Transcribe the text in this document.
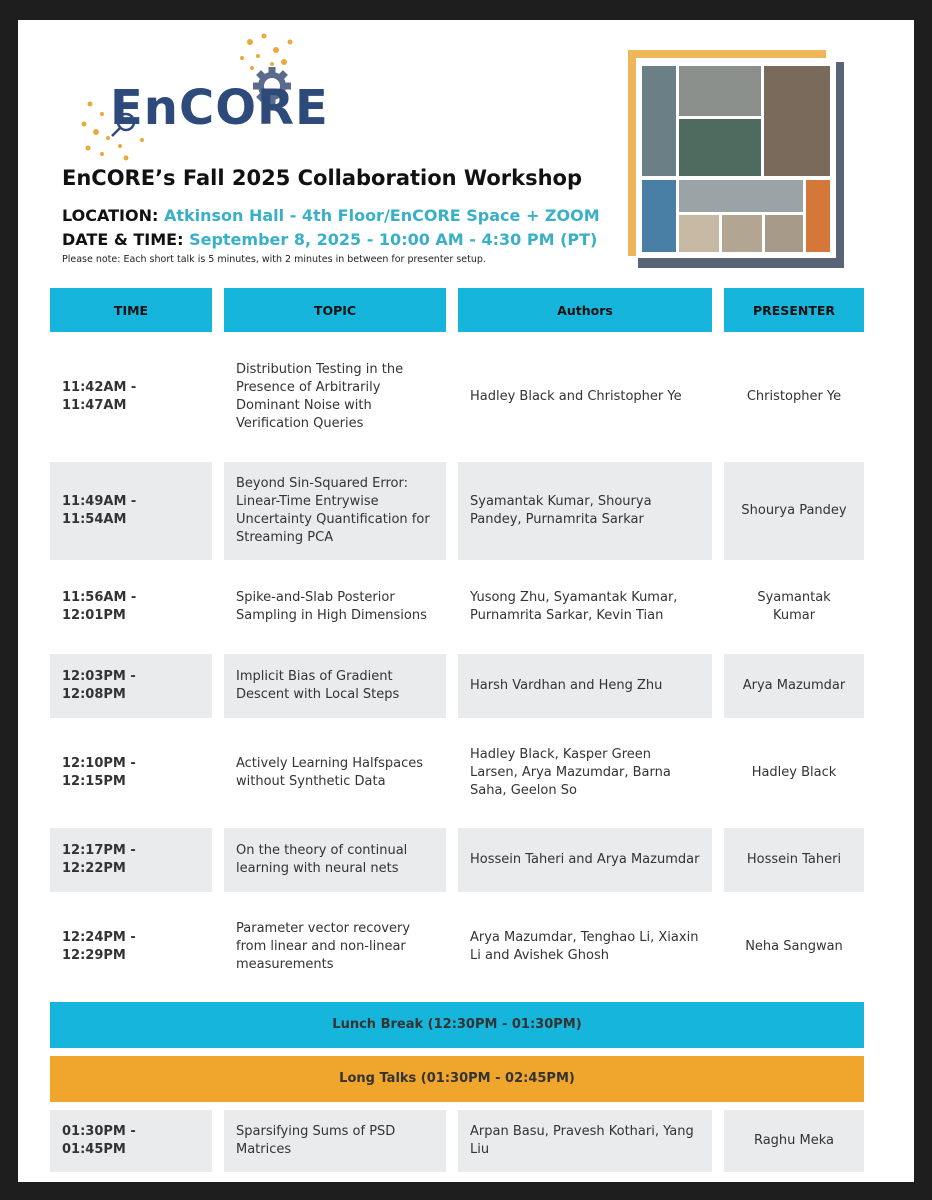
EnCORE
EnCORE’s Fall 2025 Collaboration Workshop
LOCATION: Atkinson Hall - 4th Floor/EnCORE Space + ZOOM
DATE & TIME: September 8, 2025 - 10:00 AM - 4:30 PM (PT)
Please note: Each short talk is 5 minutes, with 2 minutes in between for presenter setup.
TIME	TOPIC	Authors	PRESENTER
11:42AM - 11:47AM	Distribution Testing in the Presence of Arbitrarily Dominant Noise with Verification Queries	Hadley Black and Christopher Ye	Christopher Ye
11:49AM - 11:54AM	Beyond Sin-Squared Error: Linear-Time Entrywise Uncertainty Quantification for Streaming PCA	Syamantak Kumar, Shourya Pandey, Purnamrita Sarkar	Shourya Pandey
11:56AM - 12:01PM	Spike-and-Slab Posterior Sampling in High Dimensions	Yusong Zhu, Syamantak Kumar, Purnamrita Sarkar, Kevin Tian	Syamantak Kumar
12:03PM - 12:08PM	Implicit Bias of Gradient Descent with Local Steps	Harsh Vardhan and Heng Zhu	Arya Mazumdar
12:10PM - 12:15PM	Actively Learning Halfspaces without Synthetic Data	Hadley Black, Kasper Green Larsen, Arya Mazumdar, Barna Saha, Geelon So	Hadley Black
12:17PM - 12:22PM	On the theory of continual learning with neural nets	Hossein Taheri and Arya Mazumdar	Hossein Taheri
12:24PM - 12:29PM	Parameter vector recovery from linear and non-linear measurements	Arya Mazumdar, Tenghao Li, Xiaxin Li and Avishek Ghosh	Neha Sangwan
Lunch Break (12:30PM - 01:30PM)			
Long Talks (01:30PM - 02:45PM)			
01:30PM - 01:45PM	Sparsifying Sums of PSD Matrices	Arpan Basu, Pravesh Kothari, Yang Liu	Raghu Meka
